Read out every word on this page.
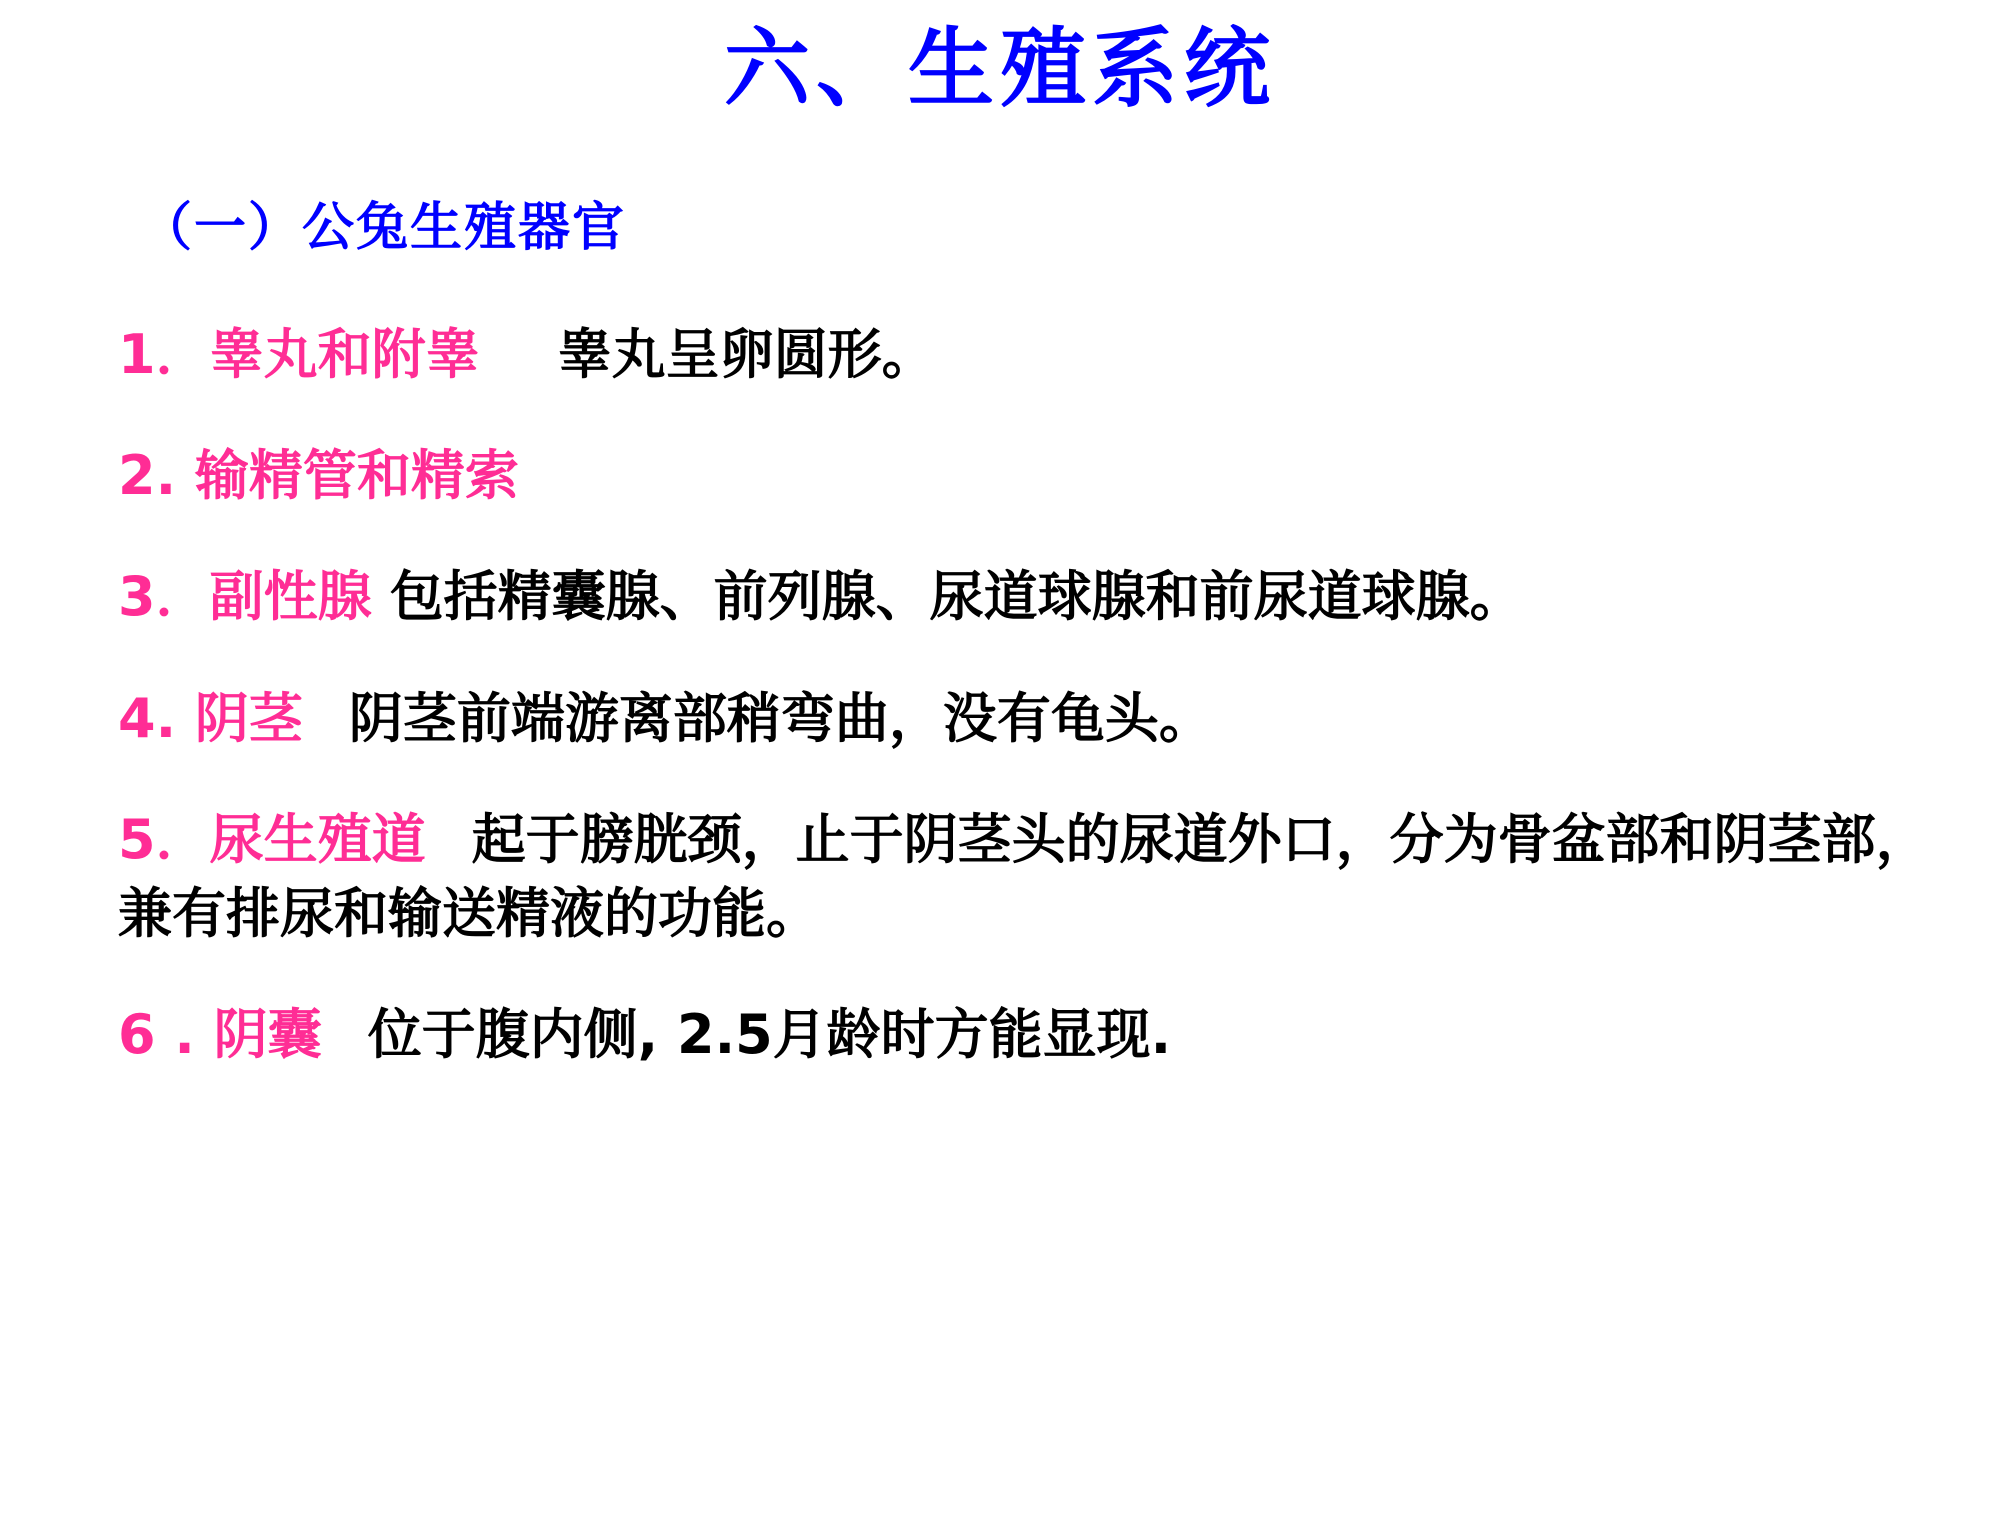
六、生殖系统
（一）公兔生殖器官
1．睾丸和附睾 睾丸呈卵圆形。
2. 输精管和精索
3．副性腺 包括精囊腺、前列腺、尿道球腺和前尿道球腺。
4. 阴茎 阴茎前端游离部稍弯曲，没有龟头。
5．尿生殖道 起于膀胱颈，止于阴茎头的尿道外口，分为骨盆部和阴茎部，兼有排尿和输送精液的功能。
6 . 阴囊 位于腹内侧, 2.5月龄时方能显现.
